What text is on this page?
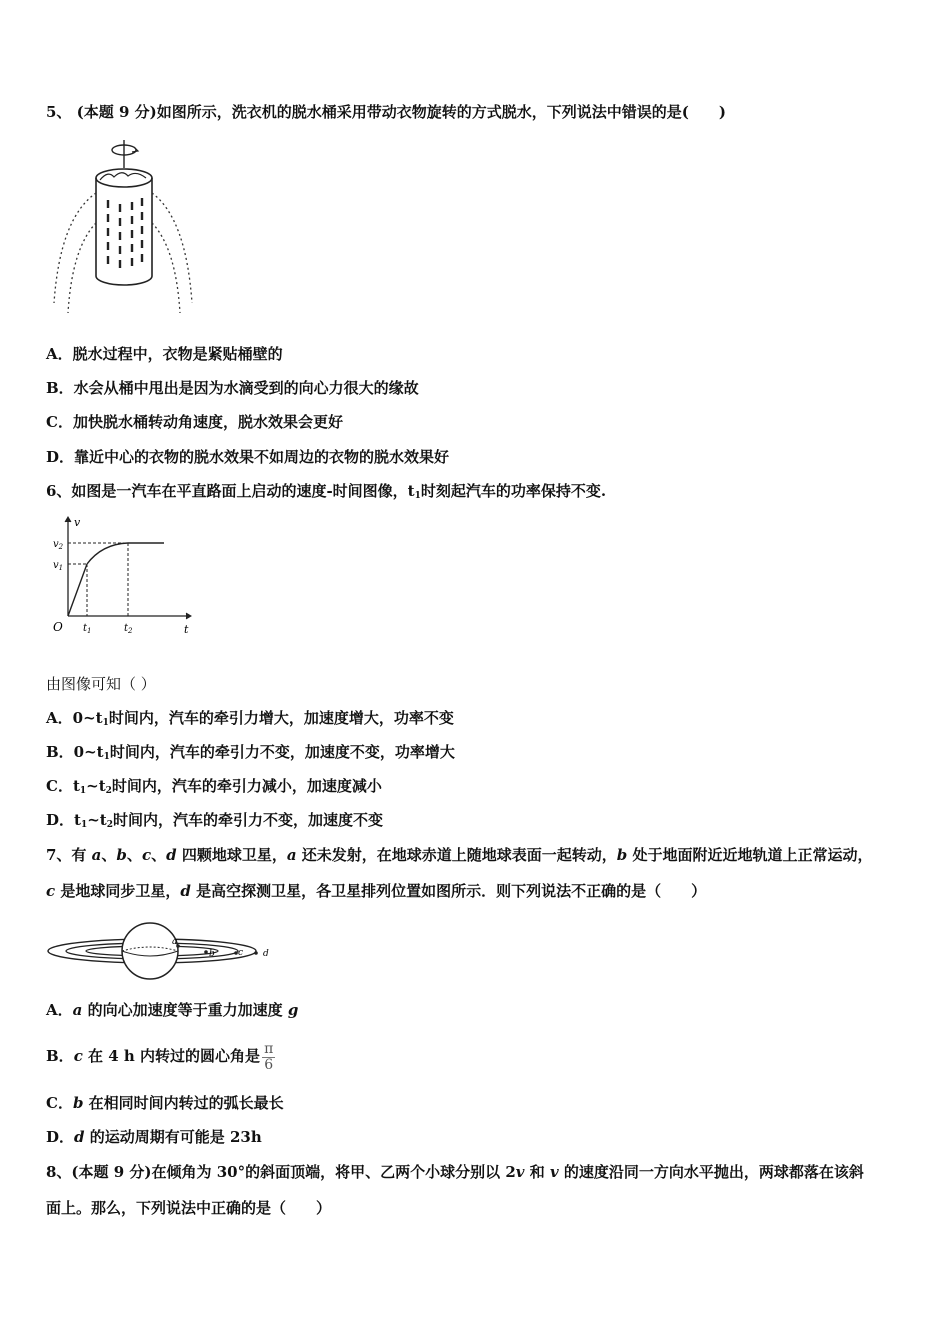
5、 (本题 9 分)如图所示，洗衣机的脱水桶采用带动衣物旋转的方式脱水，下列说法中错误的是(　　)
A．脱水过程中，衣物是紧贴桶壁的
B．水会从桶中甩出是因为水滴受到的向心力很大的缘故
C．加快脱水桶转动角速度，脱水效果会更好
D．靠近中心的衣物的脱水效果不如周边的衣物的脱水效果好
6、如图是一汽车在平直路面上启动的速度-时间图像，$t_1$时刻起汽车的功率保持不变.
v
t
O
$v_2$
$v_1$
$t_1$	$t_2$
由图像可知（ ）
A．$0\sim t_1$时间内，汽车的牵引力增大，加速度增大，功率不变
B．$0\sim t_1$时间内，汽车的牵引力不变，加速度不变，功率增大
C．$t_1\sim t_2$时间内，汽车的牵引力减小，加速度减小
D．$t_1\sim t_2$时间内，汽车的牵引力不变，加速度不变
7、有 a、b、c、d 四颗地球卫星，a 还未发射，在地球赤道上随地球表面一起转动，b 处于地面附近近地轨道上正常运动，
c 是地球同步卫星，d 是高空探测卫星，各卫星排列位置如图所示．则下列说法不正确的是（　　）
a
b	c d
A．a 的向心加速度等于重力加速度 g
B．c 在 4 h 内转过的圆心角是 $\frac{\pi}{6}$
C．b 在相同时间内转过的弧长最长
D．d 的运动周期有可能是 23h
8、(本题 9 分)在倾角为 30°的斜面顶端，将甲、乙两个小球分别以 2v 和 v 的速度沿同一方向水平抛出，两球都落在该斜
面上。那么，下列说法中正确的是（　　）
